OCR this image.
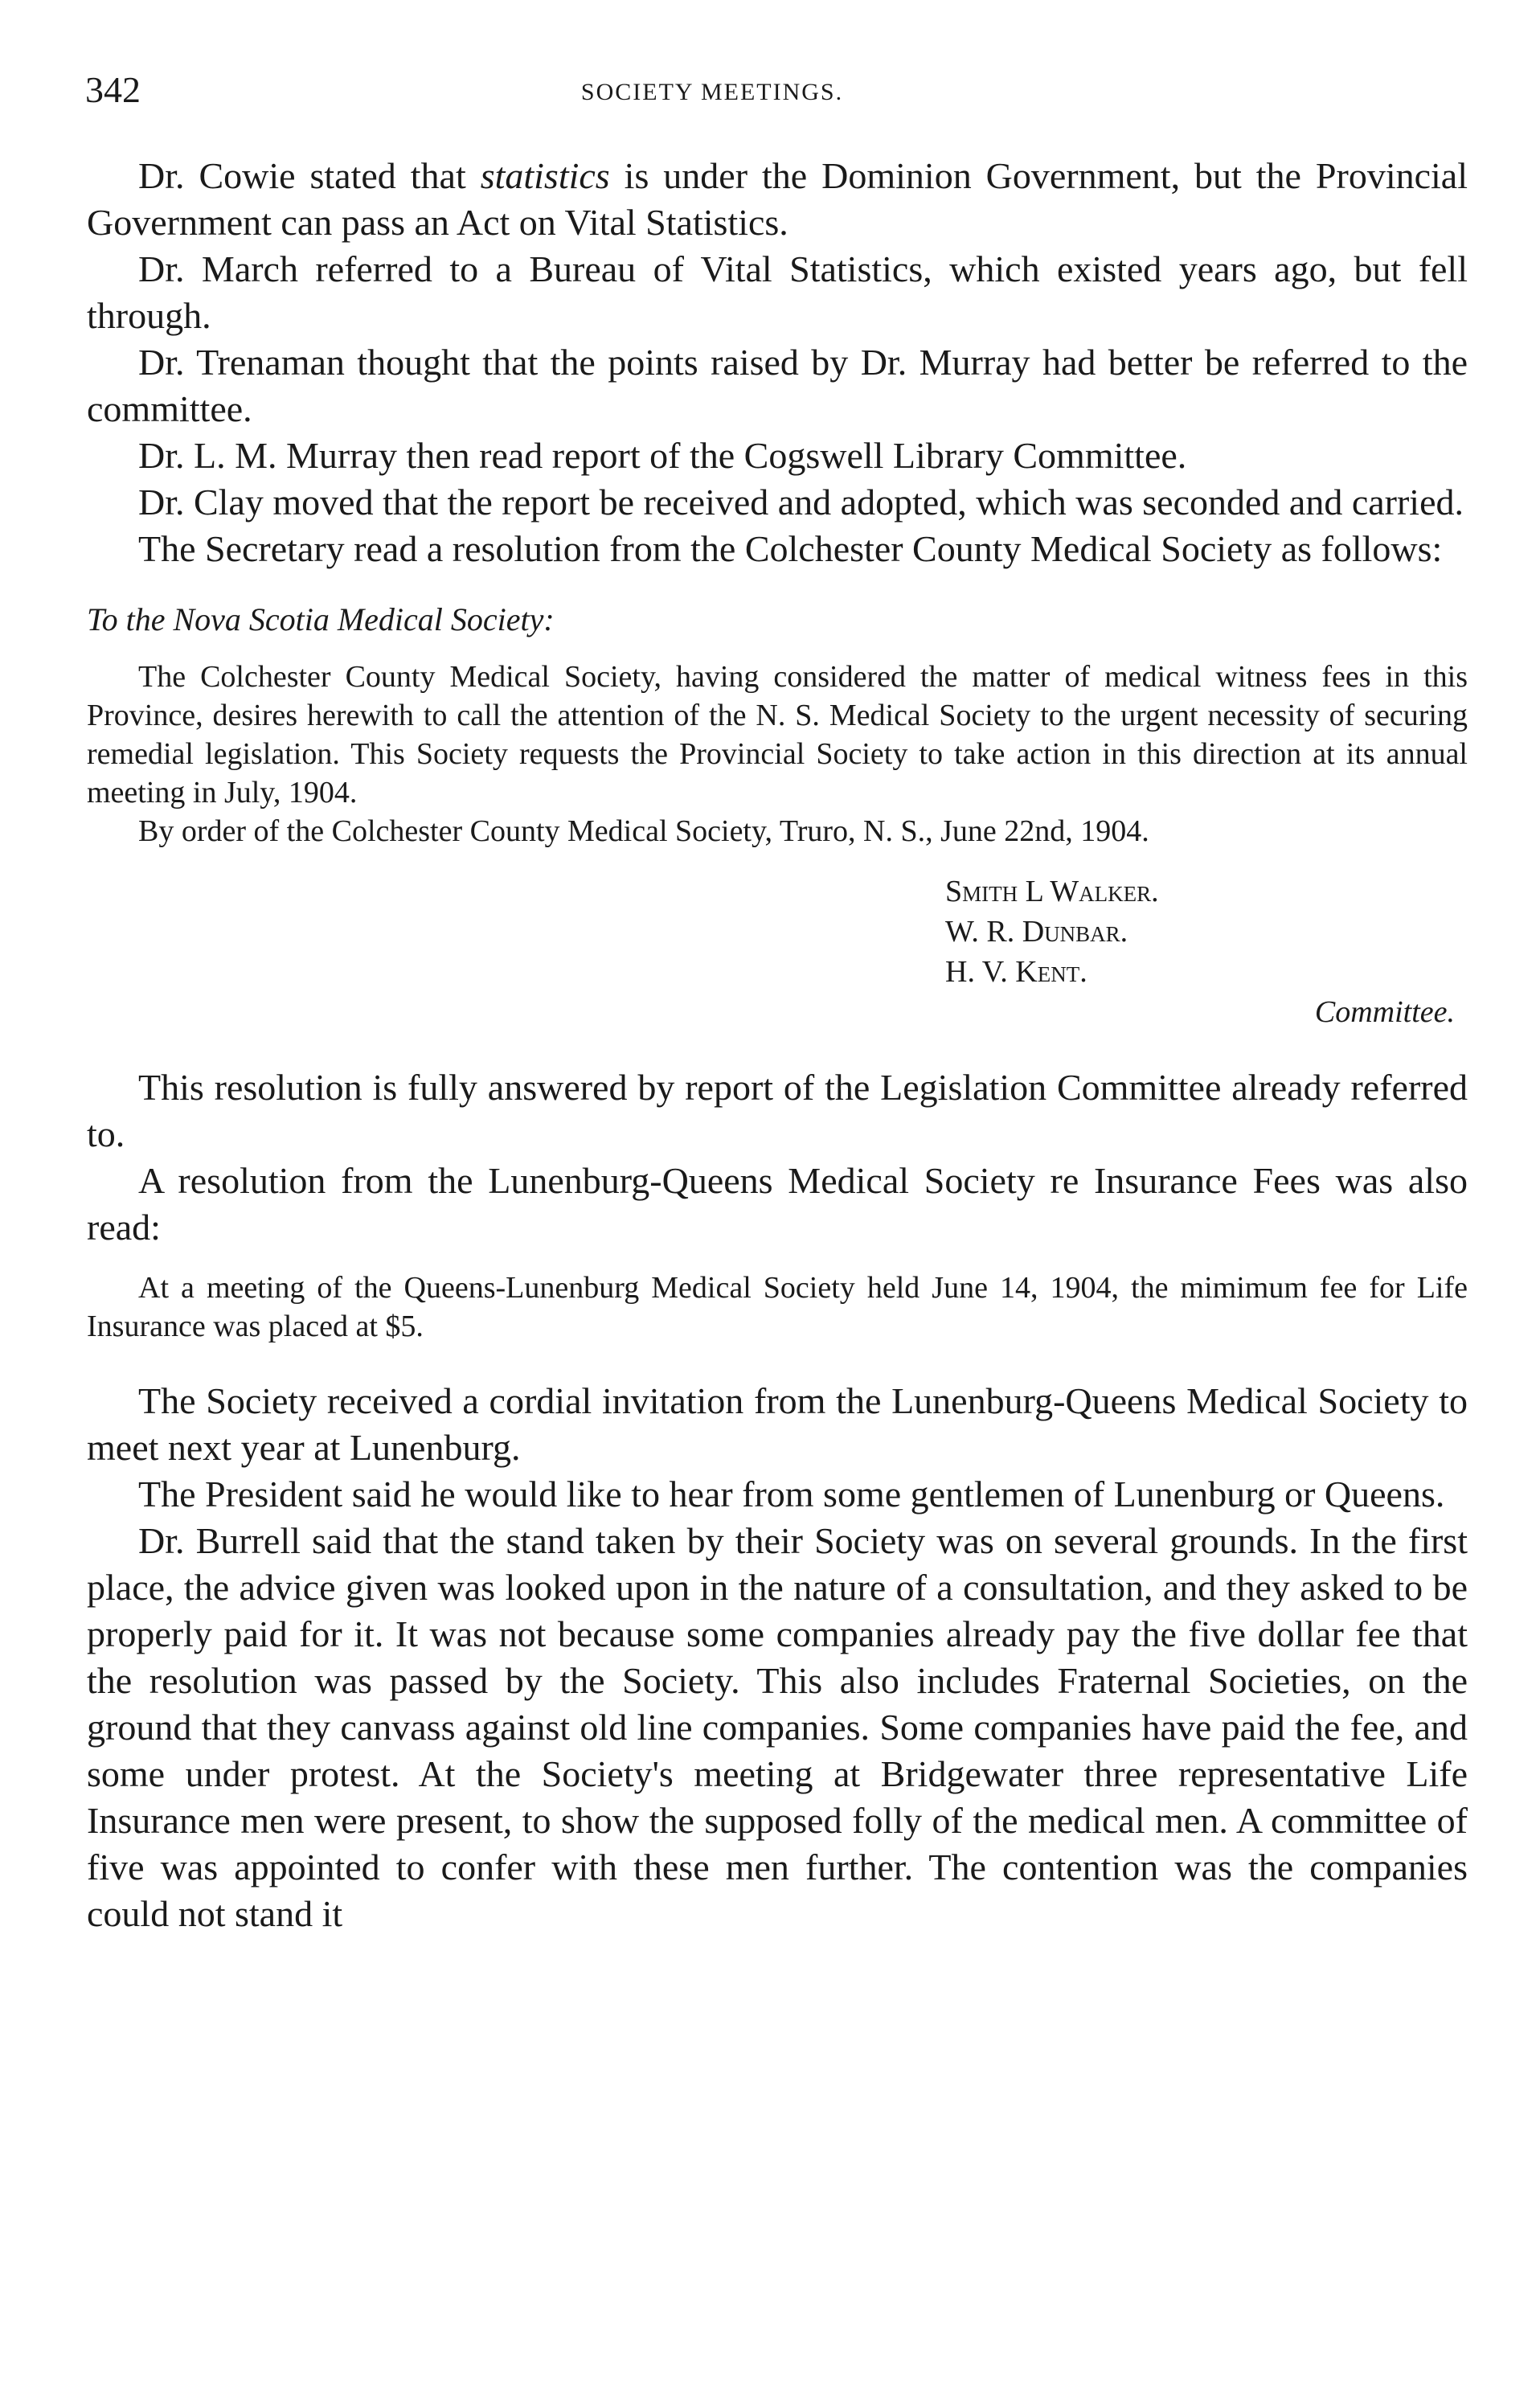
342	SOCIETY MEETINGS.

Dr. Cowie stated that statistics is under the Dominion Government, but the Provincial Government can pass an Act on Vital Statistics.

Dr. March referred to a Bureau of Vital Statistics, which existed years ago, but fell through.

Dr. Trenaman thought that the points raised by Dr. Murray had better be referred to the committee.

Dr. L. M. Murray then read report of the Cogswell Library Committee.

Dr. Clay moved that the report be received and adopted, which was seconded and carried.

The Secretary read a resolution from the Colchester County Medical Society as follows:

To the Nova Scotia Medical Society:

The Colchester County Medical Society, having considered the matter of medical witness fees in this Province, desires herewith to call the attention of the N. S. Medical Society to the urgent necessity of securing remedial legislation. This Society requests the Provincial Society to take action in this direction at its annual meeting in July, 1904.

By order of the Colchester County Medical Society, Truro, N. S., June 22nd, 1904.

Smith L Walker.
W. R. Dunbar.
H. V. Kent.
Committee.

This resolution is fully answered by report of the Legislation Committee already referred to.

A resolution from the Lunenburg-Queens Medical Society re Insurance Fees was also read:

At a meeting of the Queens-Lunenburg Medical Society held June 14, 1904, the mimimum fee for Life Insurance was placed at $5.

The Society received a cordial invitation from the Lunenburg-Queens Medical Society to meet next year at Lunenburg.

The President said he would like to hear from some gentlemen of Lunenburg or Queens.

Dr. Burrell said that the stand taken by their Society was on several grounds. In the first place, the advice given was looked upon in the nature of a consultation, and they asked to be properly paid for it. It was not because some companies already pay the five dollar fee that the resolution was passed by the Society. This also includes Fraternal Societies, on the ground that they canvass against old line companies. Some companies have paid the fee, and some under protest. At the Society's meeting at Bridgewater three representative Life Insurance men were present, to show the supposed folly of the medical men. A committee of five was appointed to confer with these men further. The contention was the companies could not stand it
